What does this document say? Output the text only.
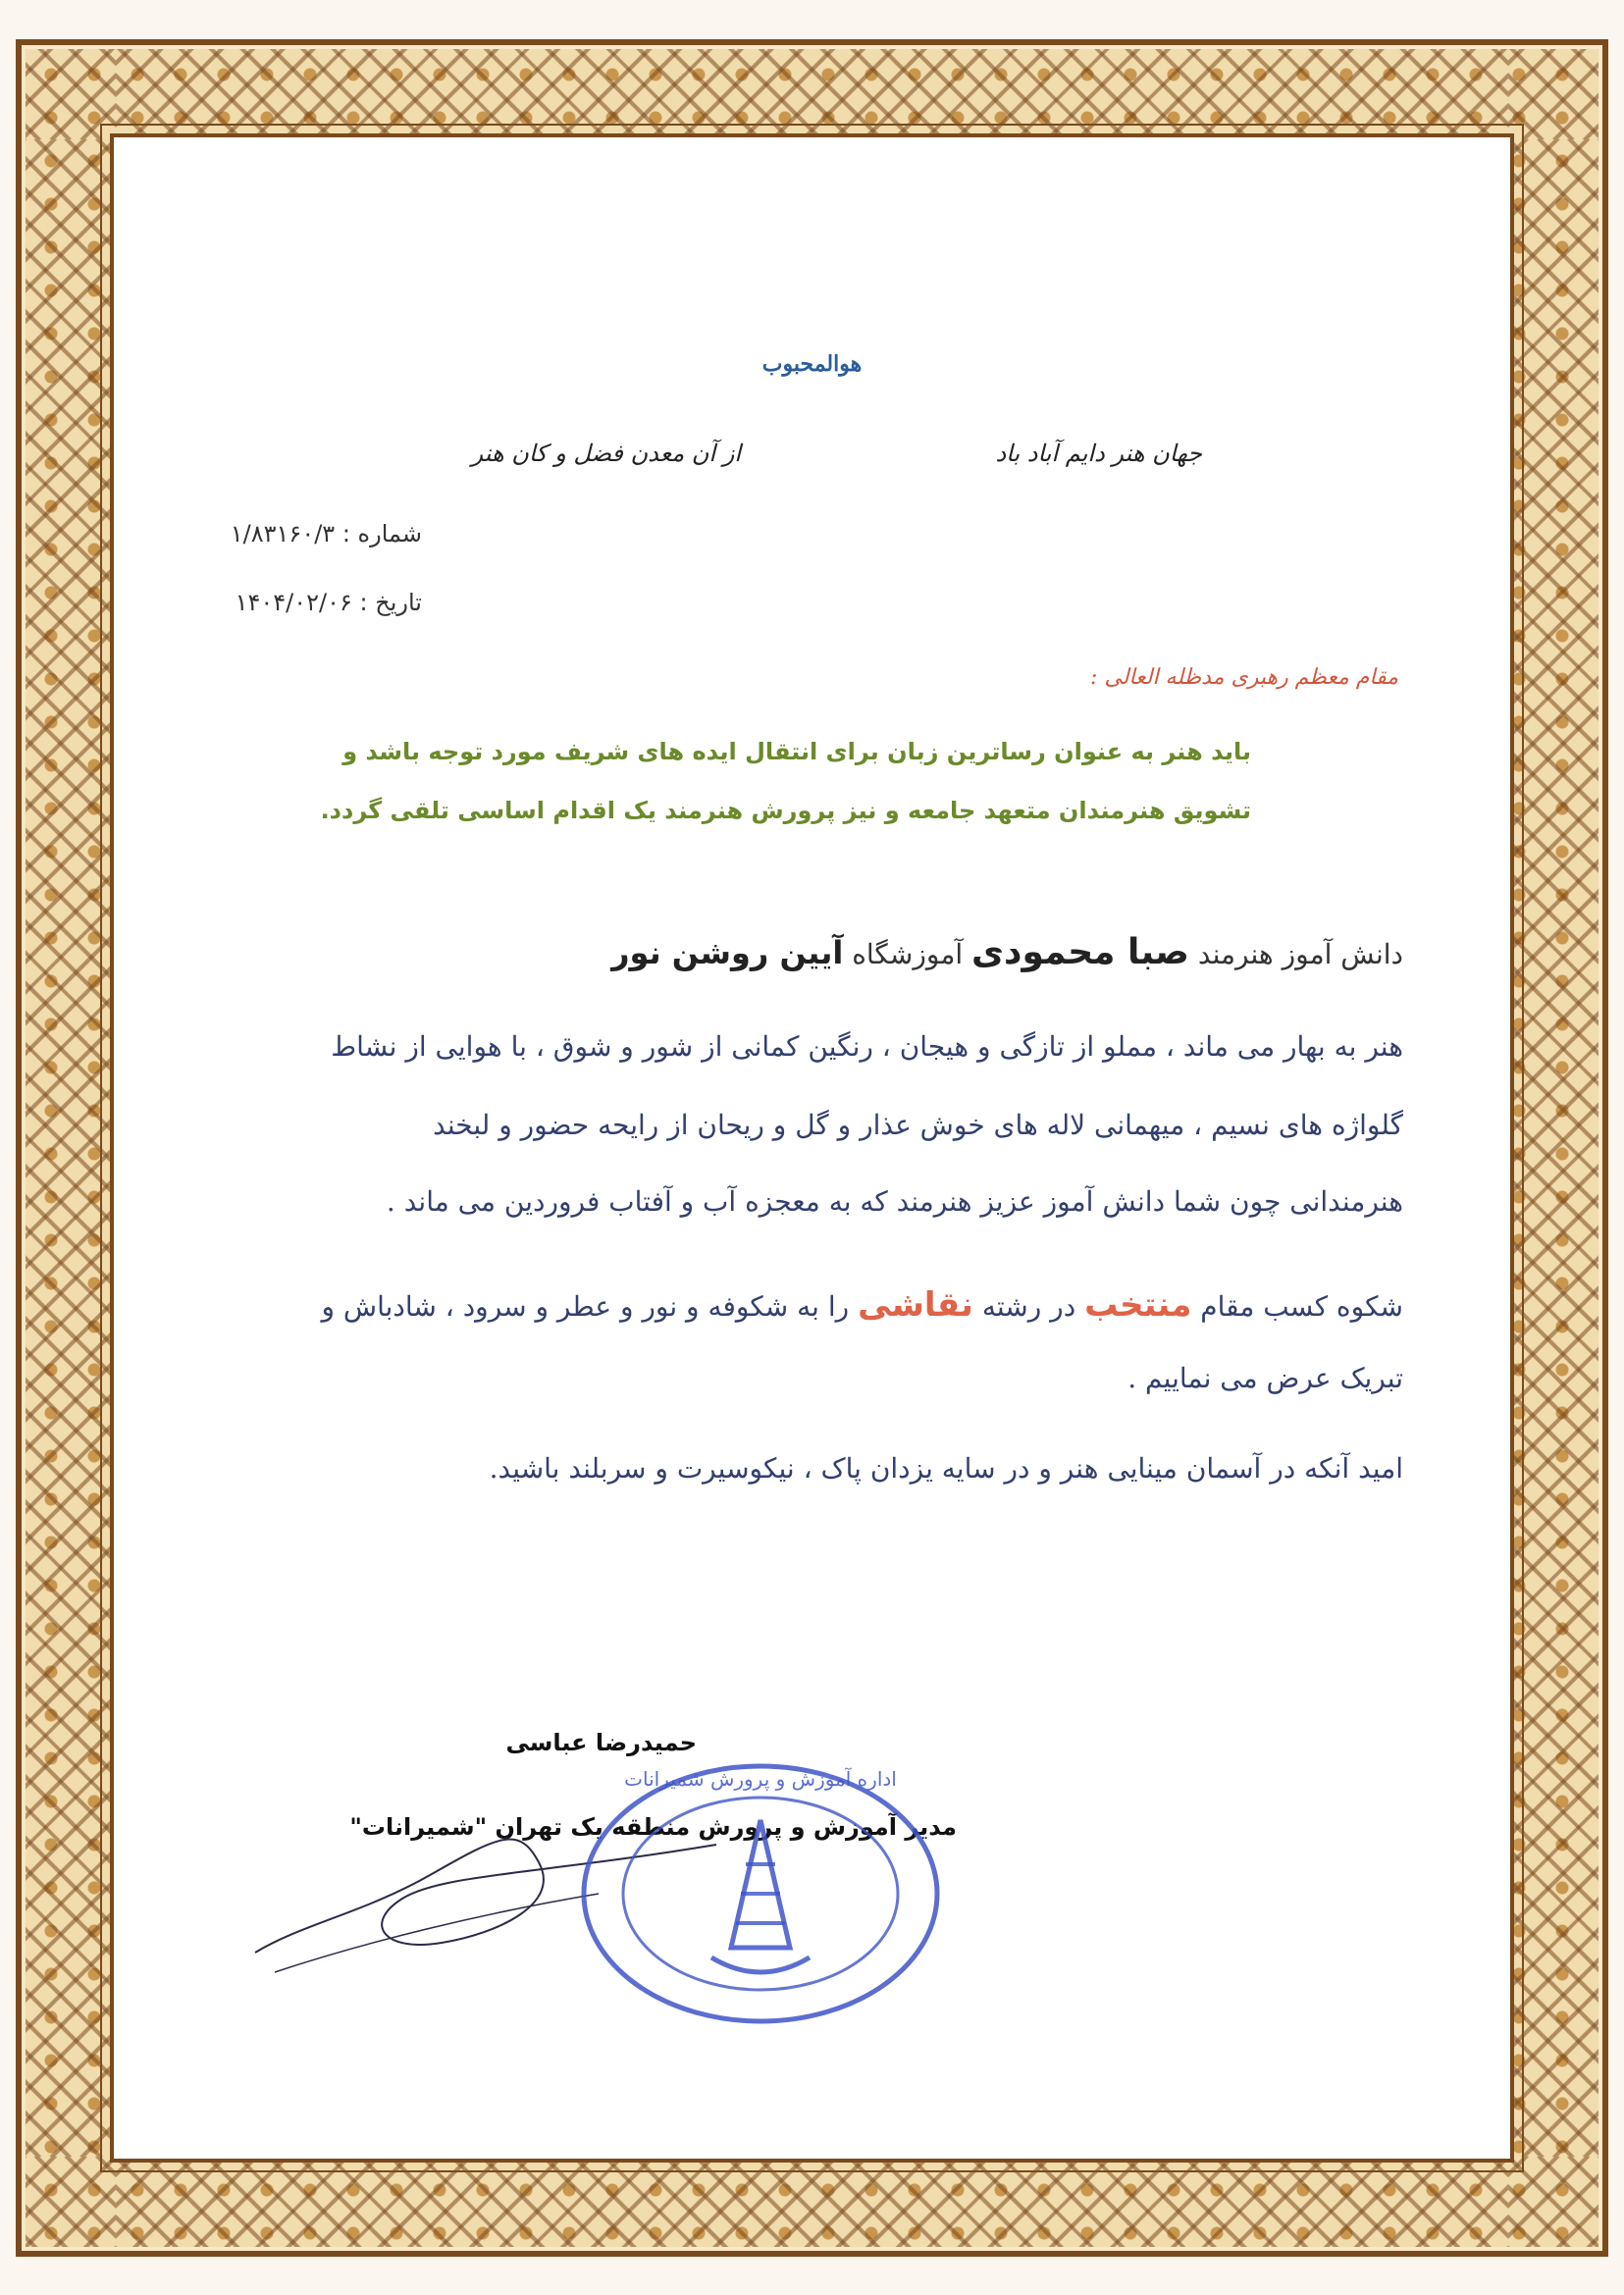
هوالمحبوب
جهان هنر دایم آباد باد
از آن معدن فضل و کان هنر
شماره : ۱/۸۳۱۶۰/۳
تاریخ : ۱۴۰۴/۰۲/۰۶
مقام معظم رهبری مدظله العالی :
باید هنر به عنوان رساترین زبان برای انتقال ایده های شریف مورد توجه باشد و
تشویق هنرمندان متعهد جامعه و نیز پرورش هنرمند یک اقدام اساسی تلقی گردد.
دانش آموز هنرمند صبا محمودی آموزشگاه آیین روشن نور
هنر به بهار می ماند ، مملو از تازگی و هیجان ، رنگین کمانی از شور و شوق ، با هوایی از نشاط
گلواژه های نسیم ، میهمانی لاله های خوش عذار و گل و ریحان از رایحه حضور و لبخند
هنرمندانی چون شما دانش آموز عزیز هنرمند که به معجزه آب و آفتاب فروردین می ماند .
شکوه کسب مقام منتخب در رشته نقاشی را به شکوفه و نور و عطر و سرود ، شادباش و
تبریک عرض می نماییم .
امید آنکه در آسمان مینایی هنر و در سایه یزدان پاک ، نیکوسیرت و سربلند باشید.
حمیدرضا عباسی
مدیر آموزش و پرورش منطقه یک تهران "شمیرانات"
اداره آموزش و پرورش شمیرانات
